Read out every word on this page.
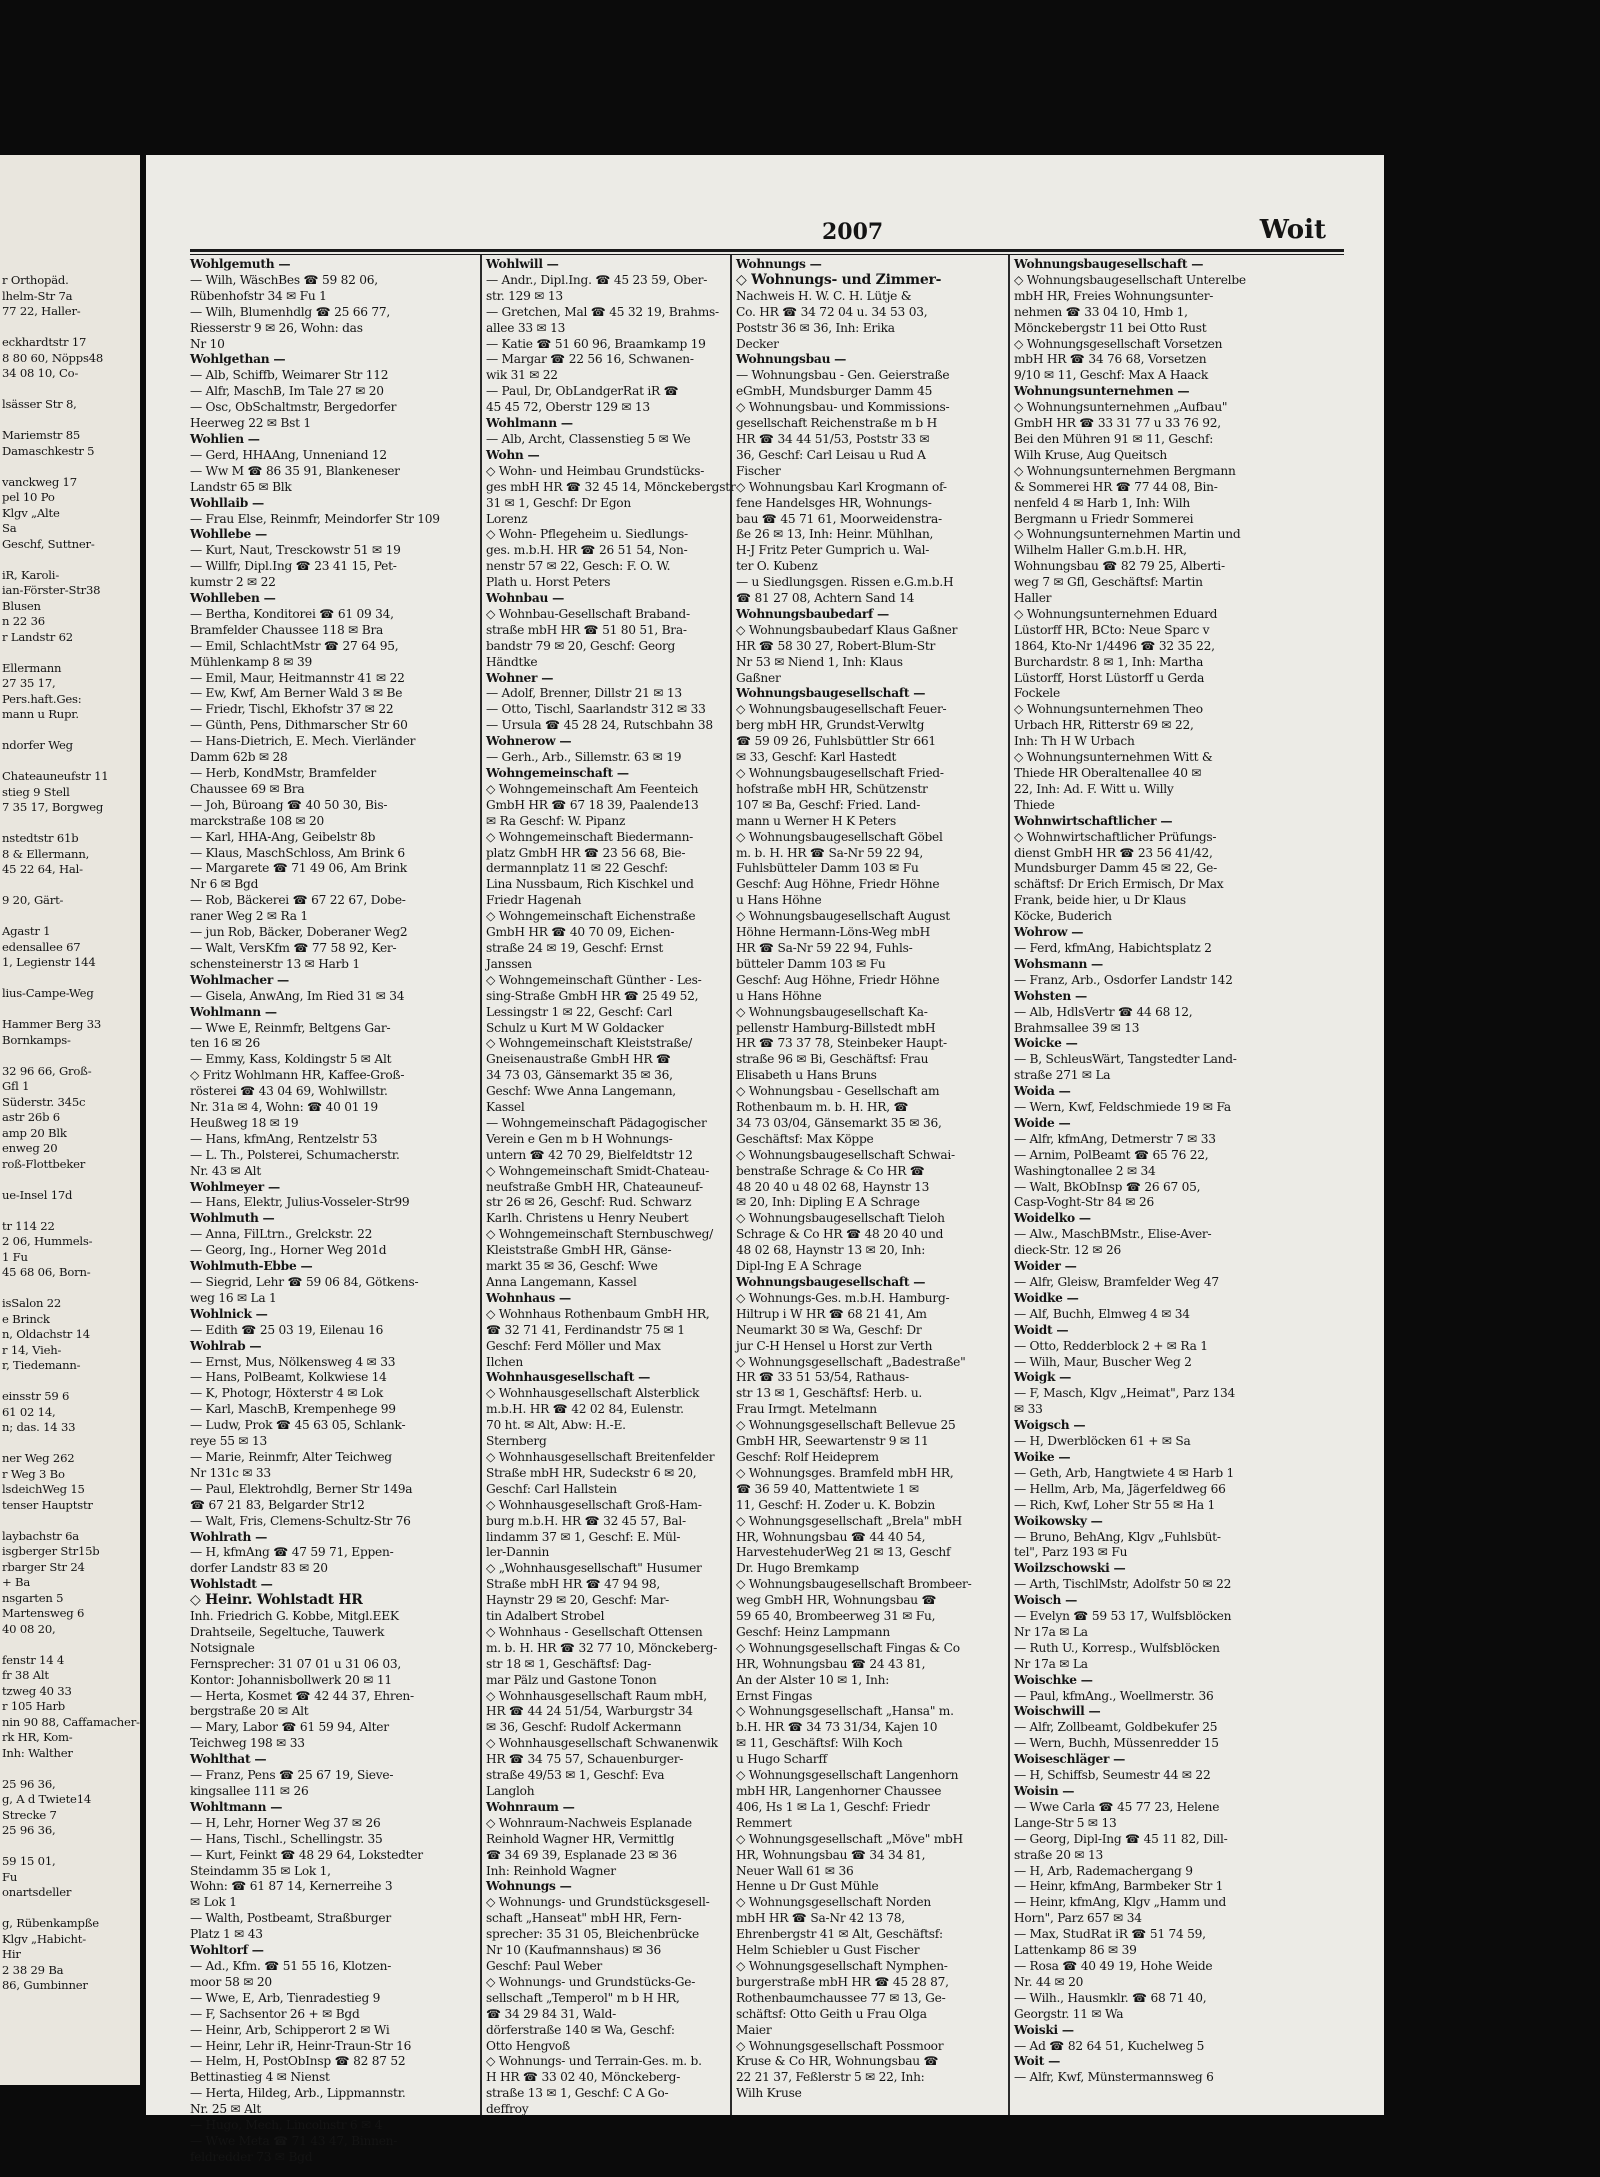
r Orthopäd.
lhelm-Str 7a
77 22, Haller-

eckhardtstr 17
8 80 60, Nöpps48
34 08 10, Co-

lsässer Str 8,

Mariemstr 85
Damaschkestr 5

vanckweg 17
pel 10 Po
Klgv „Alte
Sa
Geschf, Suttner-

iR, Karoli-
ian-Förster-Str38
Blusen
n 22 36
r Landstr 62

Ellermann
27 35 17,
Pers.haft.Ges:
mann u Rupr.

ndorfer Weg

Chateauneufstr 11
stieg 9 Stell
7 35 17, Borgweg

nstedtstr 61b
8 & Ellermann,
45 22 64, Hal-

9 20, Gärt-

Agastr 1
edensallee 67
1, Legienstr 144

lius-Campe-Weg

Hammer Berg 33
Bornkamps-

32 96 66, Groß-
Gfl 1
Süderstr. 345c
astr 26b 6
amp 20 Blk
enweg 20
roß-Flottbeker

ue-Insel 17d

tr 114 22
2 06, Hummels-
1 Fu
45 68 06, Born-

isSalon 22
e Brinck
n, Oldachstr 14
r 14, Vieh-
r, Tiedemann-

einsstr 59 6
61 02 14,
n; das. 14 33

ner Weg 262
r Weg 3 Bo
lsdeichWeg 15
tenser Hauptstr

laybachstr 6a
isgberger Str15b
rbarger Str 24
+ Ba
nsgarten 5
Martensweg 6
40 08 20,

fenstr 14 4
fr 38 Alt
tzweg 40 33
r 105 Harb
nin 90 88, Caffamacher-
rk HR, Kom-
Inh: Walther

25 96 36,
g, A d Twiete14
Strecke 7
25 96 36,

59 15 01,
Fu
onartsdeller

g, Rübenkampße
Klgv „Habicht-
Hir
2 38 29 Ba
86, Gumbinner
2007	Woit
Wohlgemuth —
— Wilh, WäschBes ☎ 59 82 06,
Rübenhofstr 34 ✉ Fu 1
— Wilh, Blumenhdlg ☎ 25 66 77,
Riesserstr 9 ✉ 26, Wohn: das
Nr 10
Wohlgethan —
— Alb, Schiffb, Weimarer Str 112
— Alfr, MaschB, Im Tale 27 ✉ 20
— Osc, ObSchaltmstr, Bergedorfer
Heerweg 22 ✉ Bst 1
Wohlien —
— Gerd, HHAAng, Unneniand 12
— Ww M ☎ 86 35 91, Blankeneser
Landstr 65 ✉ Blk
Wohllaib —
— Frau Else, Reinmfr, Meindorfer Str 109
Wohllebe —
— Kurt, Naut, Tresckowstr 51 ✉ 19
— Willfr, Dipl.Ing ☎ 23 41 15, Pet-
kumstr 2 ✉ 22
Wohlleben —
— Bertha, Konditorei ☎ 61 09 34,
Bramfelder Chaussee 118 ✉ Bra
— Emil, SchlachtMstr ☎ 27 64 95,
Mühlenkamp 8 ✉ 39
— Emil, Maur, Heitmannstr 41 ✉ 22
— Ew, Kwf, Am Berner Wald 3 ✉ Be
— Friedr, Tischl, Ekhofstr 37 ✉ 22
— Günth, Pens, Dithmarscher Str 60
— Hans-Dietrich, E. Mech. Vierländer
Damm 62b ✉ 28
— Herb, KondMstr, Bramfelder
Chaussee 69 ✉ Bra
— Joh, Büroang ☎ 40 50 30, Bis-
marckstraße 108 ✉ 20
— Karl, HHA-Ang, Geibelstr 8b
— Klaus, MaschSchloss, Am Brink 6
— Margarete ☎ 71 49 06, Am Brink
Nr 6 ✉ Bgd
— Rob, Bäckerei ☎ 67 22 67, Dobe-
raner Weg 2 ✉ Ra 1
— jun Rob, Bäcker, Doberaner Weg2
— Walt, VersKfm ☎ 77 58 92, Ker-
schensteinerstr 13 ✉ Harb 1
Wohlmacher —
— Gisela, AnwAng, Im Ried 31 ✉ 34
Wohlmann —
— Wwe E, Reinmfr, Beltgens Gar-
ten 16 ✉ 26
— Emmy, Kass, Koldingstr 5 ✉ Alt
◇ Fritz Wohlmann HR, Kaffee-Groß-
rösterei ☎ 43 04 69, Wohlwillstr.
Nr. 31a ✉ 4, Wohn: ☎ 40 01 19
Heußweg 18 ✉ 19
— Hans, kfmAng, Rentzelstr 53
— L. Th., Polsterei, Schumacherstr.
Nr. 43 ✉ Alt
Wohlmeyer —
— Hans, Elektr, Julius-Vosseler-Str99
Wohlmuth —
— Anna, FilLtrn., Grelckstr. 22
— Georg, Ing., Horner Weg 201d
Wohlmuth-Ebbe —
— Siegrid, Lehr ☎ 59 06 84, Götkens-
weg 16 ✉ La 1
Wohlnick —
— Edith ☎ 25 03 19, Eilenau 16
Wohlrab —
— Ernst, Mus, Nölkensweg 4 ✉ 33
— Hans, PolBeamt, Kolkwiese 14
— K, Photogr, Höxterstr 4 ✉ Lok
— Karl, MaschB, Krempenhege 99
— Ludw, Prok ☎ 45 63 05, Schlank-
reye 55 ✉ 13
— Marie, Reinmfr, Alter Teichweg
Nr 131c ✉ 33
— Paul, Elektrohdlg, Berner Str 149a
☎ 67 21 83, Belgarder Str12
— Walt, Fris, Clemens-Schultz-Str 76
Wohlrath —
— H, kfmAng ☎ 47 59 71, Eppen-
dorfer Landstr 83 ✉ 20
Wohlstadt —
◇ Heinr. Wohlstadt HR
Inh. Friedrich G. Kobbe, Mitgl.EEK
Drahtseile, Segeltuche, Tauwerk
Notsignale
Fernsprecher: 31 07 01 u 31 06 03,
Kontor: Johannisbollwerk 20 ✉ 11
— Herta, Kosmet ☎ 42 44 37, Ehren-
bergstraße 20 ✉ Alt
— Mary, Labor ☎ 61 59 94, Alter
Teichweg 198 ✉ 33
Wohlthat —
— Franz, Pens ☎ 25 67 19, Sieve-
kingsallee 111 ✉ 26
Wohltmann —
— H, Lehr, Horner Weg 37 ✉ 26
— Hans, Tischl., Schellingstr. 35
— Kurt, Feinkt ☎ 48 29 64, Lokstedter
Steindamm 35 ✉ Lok 1,
Wohn: ☎ 61 87 14, Kernerreihe 3
✉ Lok 1
— Walth, Postbeamt, Straßburger
Platz 1 ✉ 43
Wohltorf —
— Ad., Kfm. ☎ 51 55 16, Klotzen-
moor 58 ✉ 20
— Wwe, E, Arb, Tienradestieg 9
— F, Sachsentor 26 + ✉ Bgd
— Heinr, Arb, Schipperort 2 ✉ Wi
— Heinr, Lehr iR, Heinr-Traun-Str 16
— Helm, H, PostObInsp ☎ 82 87 52
Bettinastieg 4 ✉ Nienst
— Herta, Hildeg, Arb., Lippmannstr.
Nr. 25 ✉ Alt
— Hugo, Mech, Lincolnstr 6 ✉ 4
— Wwe Meta ☎ 71 43 47, Binnen-
feldredder 73 ✉ Bgd
Wohlwill —
— Andr., Dipl.Ing. ☎ 45 23 59, Ober-
str. 129 ✉ 13
— Gretchen, Mal ☎ 45 32 19, Brahms-
allee 33 ✉ 13
— Katie ☎ 51 60 96, Braamkamp 19
— Margar ☎ 22 56 16, Schwanen-
wik 31 ✉ 22
— Paul, Dr, ObLandgerRat iR ☎
45 45 72, Oberstr 129 ✉ 13
Wohlmann —
— Alb, Archt, Classenstieg 5 ✉ We
Wohn —
◇ Wohn- und Heimbau Grundstücks-
ges mbH HR ☎ 32 45 14, Mönckebergstr
31 ✉ 1, Geschf: Dr Egon
Lorenz
◇ Wohn- Pflegeheim u. Siedlungs-
ges. m.b.H. HR ☎ 26 51 54, Non-
nenstr 57 ✉ 22, Gesch: F. O. W.
Plath u. Horst Peters
Wohnbau —
◇ Wohnbau-Gesellschaft Braband-
straße mbH HR ☎ 51 80 51, Bra-
bandstr 79 ✉ 20, Geschf: Georg
Händtke
Wohner —
— Adolf, Brenner, Dillstr 21 ✉ 13
— Otto, Tischl, Saarlandstr 312 ✉ 33
— Ursula ☎ 45 28 24, Rutschbahn 38
Wohnerow —
— Gerh., Arb., Sillemstr. 63 ✉ 19
Wohngemeinschaft —
◇ Wohngemeinschaft Am Feenteich
GmbH HR ☎ 67 18 39, Paalende13
✉ Ra Geschf: W. Pipanz
◇ Wohngemeinschaft Biedermann-
platz GmbH HR ☎ 23 56 68, Bie-
dermannplatz 11 ✉ 22 Geschf:
Lina Nussbaum, Rich Kischkel und
Friedr Hagenah
◇ Wohngemeinschaft Eichenstraße
GmbH HR ☎ 40 70 09, Eichen-
straße 24 ✉ 19, Geschf: Ernst
Janssen
◇ Wohngemeinschaft Günther - Les-
sing-Straße GmbH HR ☎ 25 49 52,
Lessingstr 1 ✉ 22, Geschf: Carl
Schulz u Kurt M W Goldacker
◇ Wohngemeinschaft Kleiststraße/
Gneisenaustraße GmbH HR ☎
34 73 03, Gänsemarkt 35 ✉ 36,
Geschf: Wwe Anna Langemann,
Kassel
— Wohngemeinschaft Pädagogischer
Verein e Gen m b H Wohnungs-
untern ☎ 42 70 29, Bielfeldtstr 12
◇ Wohngemeinschaft Smidt-Chateau-
neufstraße GmbH HR, Chateauneuf-
str 26 ✉ 26, Geschf: Rud. Schwarz
Karlh. Christens u Henry Neubert
◇ Wohngemeinschaft Sternbuschweg/
Kleiststraße GmbH HR, Gänse-
markt 35 ✉ 36, Geschf: Wwe
Anna Langemann, Kassel
Wohnhaus —
◇ Wohnhaus Rothenbaum GmbH HR,
☎ 32 71 41, Ferdinandstr 75 ✉ 1
Geschf: Ferd Möller und Max
Ilchen
Wohnhausgesellschaft —
◇ Wohnhausgesellschaft Alsterblick
m.b.H. HR ☎ 42 02 84, Eulenstr.
70 ht. ✉ Alt, Abw: H.-E.
Sternberg
◇ Wohnhausgesellschaft Breitenfelder
Straße mbH HR, Sudeckstr 6 ✉ 20,
Geschf: Carl Hallstein
◇ Wohnhausgesellschaft Groß-Ham-
burg m.b.H. HR ☎ 32 45 57, Bal-
lindamm 37 ✉ 1, Geschf: E. Mül-
ler-Dannin
◇ „Wohnhausgesellschaft" Husumer
Straße mbH HR ☎ 47 94 98,
Haynstr 29 ✉ 20, Geschf: Mar-
tin Adalbert Strobel
◇ Wohnhaus - Gesellschaft Ottensen
m. b. H. HR ☎ 32 77 10, Mönckeberg-
str 18 ✉ 1, Geschäftsf: Dag-
mar Pälz und Gastone Tonon
◇ Wohnhausgesellschaft Raum mbH,
HR ☎ 44 24 51/54, Warburgstr 34
✉ 36, Geschf: Rudolf Ackermann
◇ Wohnhausgesellschaft Schwanenwik
HR ☎ 34 75 57, Schauenburger-
straße 49/53 ✉ 1, Geschf: Eva
Langloh
Wohnraum —
◇ Wohnraum-Nachweis Esplanade
Reinhold Wagner HR, Vermittlg
☎ 34 69 39, Esplanade 23 ✉ 36
Inh: Reinhold Wagner
Wohnungs —
◇ Wohnungs- und Grundstücksgesell-
schaft „Hanseat" mbH HR, Fern-
sprecher: 35 31 05, Bleichenbrücke
Nr 10 (Kaufmannshaus) ✉ 36
Geschf: Paul Weber
◇ Wohnungs- und Grundstücks-Ge-
sellschaft „Temperol" m b H HR,
☎ 34 29 84 31, Wald-
dörferstraße 140 ✉ Wa, Geschf:
Otto Hengvoß
◇ Wohnungs- und Terrain-Ges. m. b.
H HR ☎ 33 02 40, Mönckeberg-
straße 13 ✉ 1, Geschf: C A Go-
deffroy
Wohnungs —
◇ Wohnungs- und Zimmer-
Nachweis H. W. C. H. Lütje &
Co. HR ☎ 34 72 04 u. 34 53 03,
Poststr 36 ✉ 36, Inh: Erika
Decker
Wohnungsbau —
— Wohnungsbau - Gen. Geierstraße
eGmbH, Mundsburger Damm 45
◇ Wohnungsbau- und Kommissions-
gesellschaft Reichenstraße m b H
HR ☎ 34 44 51/53, Poststr 33 ✉
36, Geschf: Carl Leisau u Rud A
Fischer
◇ Wohnungsbau Karl Krogmann of-
fene Handelsges HR, Wohnungs-
bau ☎ 45 71 61, Moorweidenstra-
ße 26 ✉ 13, Inh: Heinr. Mühlhan,
H-J Fritz Peter Gumprich u. Wal-
ter O. Kubenz
— u Siedlungsgen. Rissen e.G.m.b.H
☎ 81 27 08, Achtern Sand 14
Wohnungsbaubedarf —
◇ Wohnungsbaubedarf Klaus Gaßner
HR ☎ 58 30 27, Robert-Blum-Str
Nr 53 ✉ Niend 1, Inh: Klaus
Gaßner
Wohnungsbaugesellschaft —
◇ Wohnungsbaugesellschaft Feuer-
berg mbH HR, Grundst-Verwltg
☎ 59 09 26, Fuhlsbüttler Str 661
✉ 33, Geschf: Karl Hastedt
◇ Wohnungsbaugesellschaft Fried-
hofstraße mbH HR, Schützenstr
107 ✉ Ba, Geschf: Fried. Land-
mann u Werner H K Peters
◇ Wohnungsbaugesellschaft Göbel
m. b. H. HR ☎ Sa-Nr 59 22 94,
Fuhlsbütteler Damm 103 ✉ Fu
Geschf: Aug Höhne, Friedr Höhne
u Hans Höhne
◇ Wohnungsbaugesellschaft August
Höhne Hermann-Löns-Weg mbH
HR ☎ Sa-Nr 59 22 94, Fuhls-
bütteler Damm 103 ✉ Fu
Geschf: Aug Höhne, Friedr Höhne
u Hans Höhne
◇ Wohnungsbaugesellschaft Ka-
pellenstr Hamburg-Billstedt mbH
HR ☎ 73 37 78, Steinbeker Haupt-
straße 96 ✉ Bi, Geschäftsf: Frau
Elisabeth u Hans Bruns
◇ Wohnungsbau - Gesellschaft am
Rothenbaum m. b. H. HR, ☎
34 73 03/04, Gänsemarkt 35 ✉ 36,
Geschäftsf: Max Köppe
◇ Wohnungsbaugesellschaft Schwai-
benstraße Schrage & Co HR ☎
48 20 40 u 48 02 68, Haynstr 13
✉ 20, Inh: Dipling E A Schrage
◇ Wohnungsbaugesellschaft Tieloh
Schrage & Co HR ☎ 48 20 40 und
48 02 68, Haynstr 13 ✉ 20, Inh:
Dipl-Ing E A Schrage
Wohnungsbaugesellschaft —
◇ Wohnungs-Ges. m.b.H. Hamburg-
Hiltrup i W HR ☎ 68 21 41, Am
Neumarkt 30 ✉ Wa, Geschf: Dr
jur C-H Hensel u Horst zur Verth
◇ Wohnungsgesellschaft „Badestraße"
HR ☎ 33 51 53/54, Rathaus-
str 13 ✉ 1, Geschäftsf: Herb. u.
Frau Irmgt. Metelmann
◇ Wohnungsgesellschaft Bellevue 25
GmbH HR, Seewartenstr 9 ✉ 11
Geschf: Rolf Heideprem
◇ Wohnungsges. Bramfeld mbH HR,
☎ 36 59 40, Mattentwiete 1 ✉
11, Geschf: H. Zoder u. K. Bobzin
◇ Wohnungsgesellschaft „Brela" mbH
HR, Wohnungsbau ☎ 44 40 54,
HarvestehuderWeg 21 ✉ 13, Geschf
Dr. Hugo Bremkamp
◇ Wohnungsbaugesellschaft Brombeer-
weg GmbH HR, Wohnungsbau ☎
59 65 40, Brombeerweg 31 ✉ Fu,
Geschf: Heinz Lampmann
◇ Wohnungsgesellschaft Fingas & Co
HR, Wohnungsbau ☎ 24 43 81,
An der Alster 10 ✉ 1, Inh:
Ernst Fingas
◇ Wohnungsgesellschaft „Hansa" m.
b.H. HR ☎ 34 73 31/34, Kajen 10
✉ 11, Geschäftsf: Wilh Koch
u Hugo Scharff
◇ Wohnungsgesellschaft Langenhorn
mbH HR, Langenhorner Chaussee
406, Hs 1 ✉ La 1, Geschf: Friedr
Remmert
◇ Wohnungsgesellschaft „Möve" mbH
HR, Wohnungsbau ☎ 34 34 81,
Neuer Wall 61 ✉ 36
Henne u Dr Gust Mühle
◇ Wohnungsgesellschaft Norden
mbH HR ☎ Sa-Nr 42 13 78,
Ehrenbergstr 41 ✉ Alt, Geschäftsf:
Helm Schiebler u Gust Fischer
◇ Wohnungsgesellschaft Nymphen-
burgerstraße mbH HR ☎ 45 28 87,
Rothenbaumchaussee 77 ✉ 13, Ge-
schäftsf: Otto Geith u Frau Olga
Maier
◇ Wohnungsgesellschaft Possmoor
Kruse & Co HR, Wohnungsbau ☎
22 21 37, Feßlerstr 5 ✉ 22, Inh:
Wilh Kruse
Wohnungsbaugesellschaft —
◇ Wohnungsbaugesellschaft Unterelbe
mbH HR, Freies Wohnungsunter-
nehmen ☎ 33 04 10, Hmb 1,
Mönckebergstr 11 bei Otto Rust
◇ Wohnungsgesellschaft Vorsetzen
mbH HR ☎ 34 76 68, Vorsetzen
9/10 ✉ 11, Geschf: Max A Haack
Wohnungsunternehmen —
◇ Wohnungsunternehmen „Aufbau"
GmbH HR ☎ 33 31 77 u 33 76 92,
Bei den Mühren 91 ✉ 11, Geschf:
Wilh Kruse, Aug Queitsch
◇ Wohnungsunternehmen Bergmann
& Sommerei HR ☎ 77 44 08, Bin-
nenfeld 4 ✉ Harb 1, Inh: Wilh
Bergmann u Friedr Sommerei
◇ Wohnungsunternehmen Martin und
Wilhelm Haller G.m.b.H. HR,
Wohnungsbau ☎ 82 79 25, Alberti-
weg 7 ✉ Gfl, Geschäftsf: Martin
Haller
◇ Wohnungsunternehmen Eduard
Lüstorff HR, BCto: Neue Sparc v
1864, Kto-Nr 1/4496 ☎ 32 35 22,
Burchardstr. 8 ✉ 1, Inh: Martha
Lüstorff, Horst Lüstorff u Gerda
Fockele
◇ Wohnungsunternehmen Theo
Urbach HR, Ritterstr 69 ✉ 22,
Inh: Th H W Urbach
◇ Wohnungsunternehmen Witt &
Thiede HR Oberaltenallee 40 ✉
22, Inh: Ad. F. Witt u. Willy
Thiede
Wohnwirtschaftlicher —
◇ Wohnwirtschaftlicher Prüfungs-
dienst GmbH HR ☎ 23 56 41/42,
Mundsburger Damm 45 ✉ 22, Ge-
schäftsf: Dr Erich Ermisch, Dr Max
Frank, beide hier, u Dr Klaus
Köcke, Buderich
Wohrow —
— Ferd, kfmAng, Habichtsplatz 2
Wohsmann —
— Franz, Arb., Osdorfer Landstr 142
Wohsten —
— Alb, HdlsVertr ☎ 44 68 12,
Brahmsallee 39 ✉ 13
Woicke —
— B, SchleusWärt, Tangstedter Land-
straße 271 ✉ La
Woida —
— Wern, Kwf, Feldschmiede 19 ✉ Fa
Woide —
— Alfr, kfmAng, Detmerstr 7 ✉ 33
— Arnim, PolBeamt ☎ 65 76 22,
Washingtonallee 2 ✉ 34
— Walt, BkObInsp ☎ 26 67 05,
Casp-Voght-Str 84 ✉ 26
Woidelko —
— Alw., MaschBMstr., Elise-Aver-
dieck-Str. 12 ✉ 26
Woider —
— Alfr, Gleisw, Bramfelder Weg 47
Woidke —
— Alf, Buchh, Elmweg 4 ✉ 34
Woidt —
— Otto, Redderblock 2 + ✉ Ra 1
— Wilh, Maur, Buscher Weg 2
Woigk —
— F, Masch, Klgv „Heimat", Parz 134
✉ 33
Woigsch —
— H, Dwerblöcken 61 + ✉ Sa
Woike —
— Geth, Arb, Hangtwiete 4 ✉ Harb 1
— Hellm, Arb, Ma, Jägerfeldweg 66
— Rich, Kwf, Loher Str 55 ✉ Ha 1
Woikowsky —
— Bruno, BehAng, Klgv „Fuhlsbüt-
tel", Parz 193 ✉ Fu
Woilzschowski —
— Arth, TischlMstr, Adolfstr 50 ✉ 22
Woisch —
— Evelyn ☎ 59 53 17, Wulfsblöcken
Nr 17a ✉ La
— Ruth U., Korresp., Wulfsblöcken
Nr 17a ✉ La
Woischke —
— Paul, kfmAng., Woellmerstr. 36
Woischwill —
— Alfr, Zollbeamt, Goldbekufer 25
— Wern, Buchh, Müssenredder 15
Woiseschläger —
— H, Schiffsb, Seumestr 44 ✉ 22
Woisin —
— Wwe Carla ☎ 45 77 23, Helene
Lange-Str 5 ✉ 13
— Georg, Dipl-Ing ☎ 45 11 82, Dill-
straße 20 ✉ 13
— H, Arb, Rademachergang 9
— Heinr, kfmAng, Barmbeker Str 1
— Heinr, kfmAng, Klgv „Hamm und
Horn", Parz 657 ✉ 34
— Max, StudRat iR ☎ 51 74 59,
Lattenkamp 86 ✉ 39
— Rosa ☎ 40 49 19, Hohe Weide
Nr. 44 ✉ 20
— Wilh., Hausmklr. ☎ 68 71 40,
Georgstr. 11 ✉ Wa
Woiski —
— Ad ☎ 82 64 51, Kuchelweg 5
Woit —
— Alfr, Kwf, Münstermannsweg 6
